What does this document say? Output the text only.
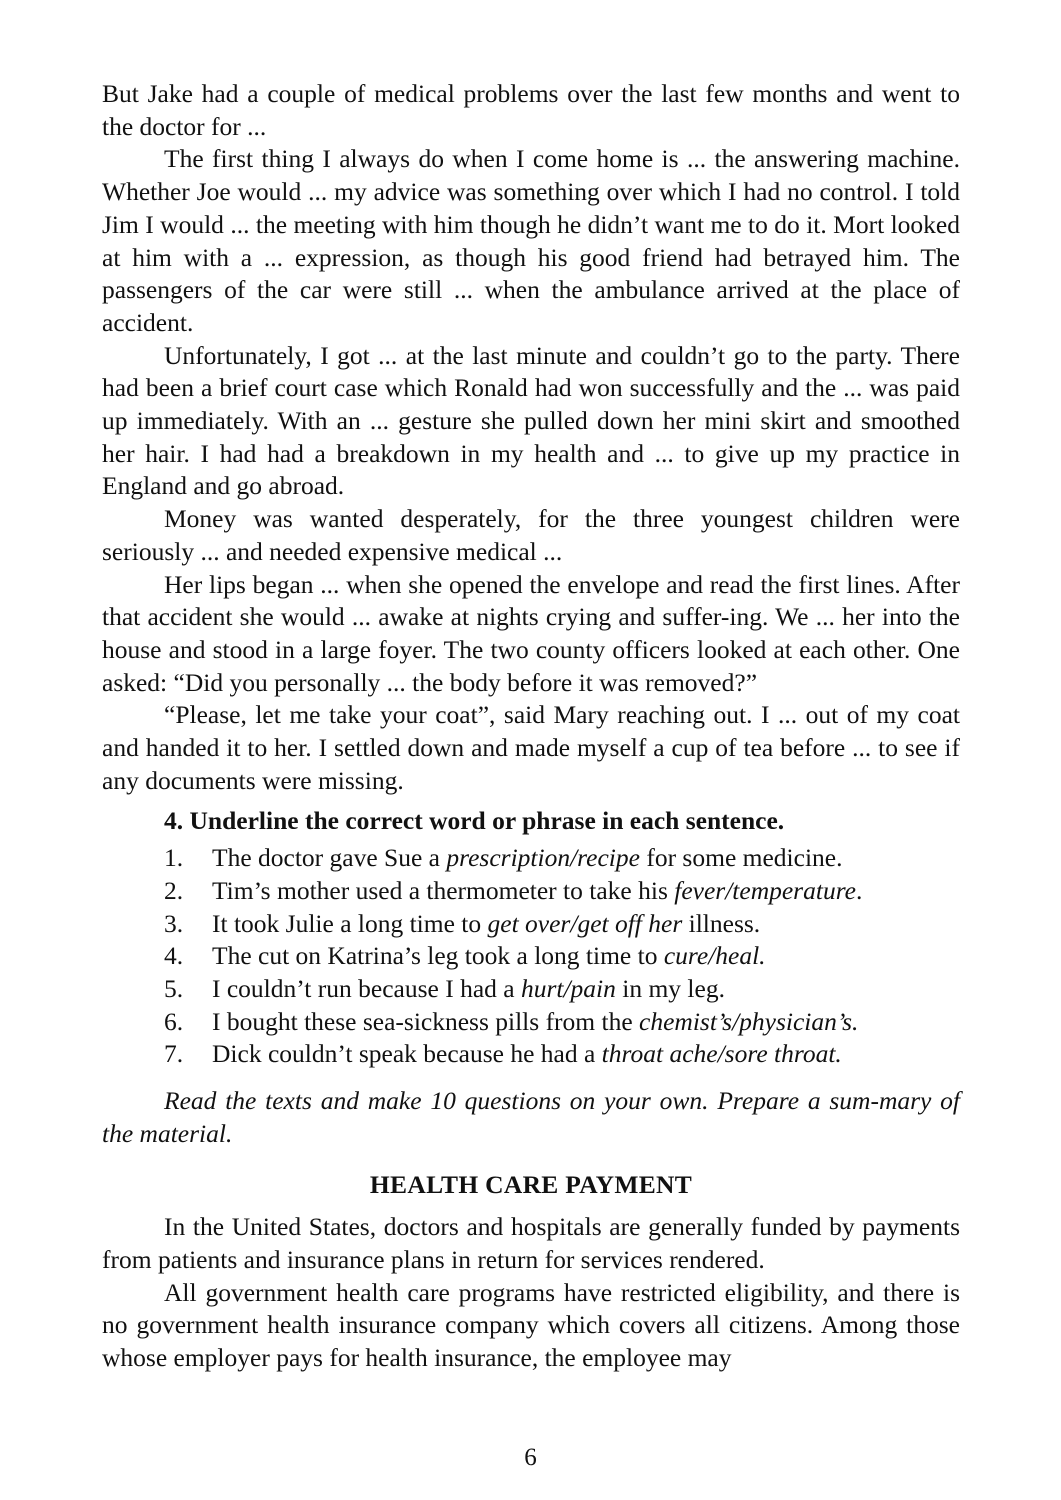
But Jake had a couple of medical problems over the last few months and went to the doctor for ...

The first thing I always do when I come home is ... the answering machine. Whether Joe would ... my advice was something over which I had no control. I told Jim I would ... the meeting with him though he didn’t want me to do it. Mort looked at him with a ... expression, as though his good friend had betrayed him. The passengers of the car were still ... when the ambulance arrived at the place of accident.

Unfortunately, I got ... at the last minute and couldn’t go to the party. There had been a brief court case which Ronald had won successfully and the ... was paid up immediately. With an ... gesture she pulled down her mini skirt and smoothed her hair. I had had a breakdown in my health and ... to give up my practice in England and go abroad.

Money was wanted desperately, for the three youngest children were seriously ... and needed expensive medical ...

Her lips began ... when she opened the envelope and read the first lines. After that accident she would ... awake at nights crying and suffer-ing. We ... her into the house and stood in a large foyer. The two county officers looked at each other. One asked: “Did you personally ... the body before it was removed?”

“Please, let me take your coat”, said Mary reaching out. I ... out of my coat and handed it to her. I settled down and made myself a cup of tea before ... to see if any documents were missing.

4. Underline the correct word or phrase in each sentence.

1. The doctor gave Sue a prescription/recipe for some medicine.
2. Tim’s mother used a thermometer to take his fever/temperature.
3. It took Julie a long time to get over/get off her illness.
4. The cut on Katrina’s leg took a long time to cure/heal.
5. I couldn’t run because I had a hurt/pain in my leg.
6. I bought these sea-sickness pills from the chemist’s/physician’s.
7. Dick couldn’t speak because he had a throat ache/sore throat.

Read the texts and make 10 questions on your own. Prepare a sum-mary of the material.

HEALTH CARE PAYMENT

In the United States, doctors and hospitals are generally funded by payments from patients and insurance plans in return for services rendered.

All government health care programs have restricted eligibility, and there is no government health insurance company which covers all citizens. Among those whose employer pays for health insurance, the employee may

6
